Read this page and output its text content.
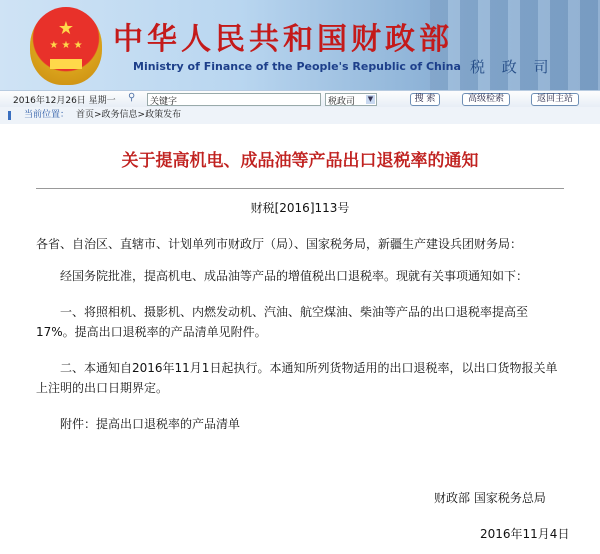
★
★ ★ ★	中华人民共和国财政部
Ministry of Finance of the People's Republic of China 税 政 司
2016年12月26日 星期一 ⚲	关键字	税政司 ▼	搜 索	高级检索	返回主站
当前位置： 首页>政务信息>政策发布
关于提高机电、成品油等产品出口退税率的通知
财税[2016]113号
各省、自治区、直辖市、计划单列市财政厅（局）、国家税务局，新疆生产建设兵团财务局：
经国务院批准，提高机电、成品油等产品的增值税出口退税率。现就有关事项通知如下：
一、将照相机、摄影机、内燃发动机、汽油、航空煤油、柴油等产品的出口退税率提高至
17%。提高出口退税率的产品清单见附件。
二、本通知自2016年11月1日起执行。本通知所列货物适用的出口退税率，以出口货物报关单
上注明的出口日期界定。
附件：提高出口退税率的产品清单
财政部 国家税务总局
2016年11月4日
